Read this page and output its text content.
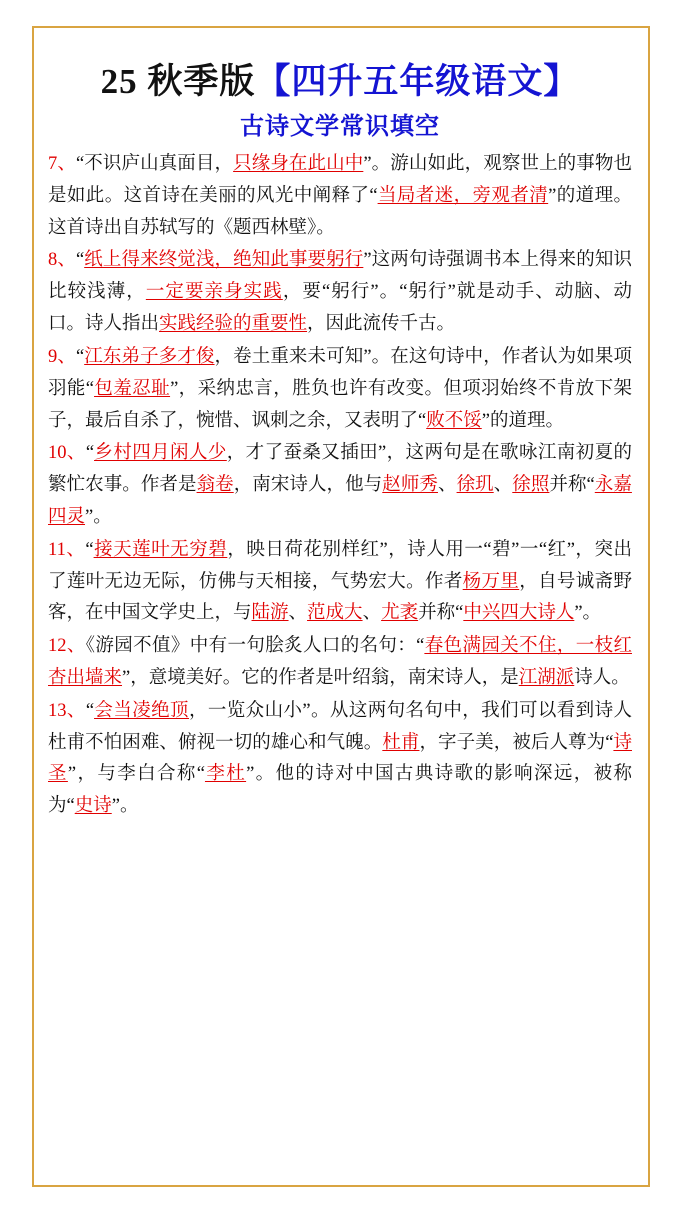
25 秋季版【四升五年级语文】
古诗文学常识填空

7、“不识庐山真面目，只缘身在此山中”。游山如此，观察世上的事物也是如此。这首诗在美丽的风光中阐释了“当局者迷，旁观者清”的道理。这首诗出自苏轼写的《题西林壁》。

8、“纸上得来终觉浅，绝知此事要躬行”这两句诗强调书本上得来的知识比较浅薄，一定要亲身实践，要“躬行”。“躬行”就是动手、动脑、动口。诗人指出实践经验的重要性，因此流传千古。

9、“江东弟子多才俊，卷土重来未可知”。在这句诗中，作者认为如果项羽能“包羞忍耻”，采纳忠言，胜负也许有改变。但项羽始终不肯放下架子，最后自杀了，惋惜、讽刺之余，又表明了“败不馁”的道理。

10、“乡村四月闲人少，才了蚕桑又插田”，这两句是在歌咏江南初夏的繁忙农事。作者是翁卷，南宋诗人，他与赵师秀、徐玑、徐照并称“永嘉四灵”。

11、“接天莲叶无穷碧，映日荷花别样红”，诗人用一“碧”一“红”，突出了莲叶无边无际，仿佛与天相接，气势宏大。作者杨万里，自号诚斋野客，在中国文学史上，与陆游、范成大、尤袤并称“中兴四大诗人”。

12、《游园不值》中有一句脍炙人口的名句：“春色满园关不住，一枝红杏出墙来”，意境美好。它的作者是叶绍翁，南宋诗人，是江湖派诗人。

13、“会当凌绝顶，一览众山小”。从这两句名句中，我们可以看到诗人杜甫不怕困难、俯视一切的雄心和气魄。杜甫，字子美，被后人尊为“诗圣”，与李白合称“李杜”。他的诗对中国古典诗歌的影响深远，被称为“史诗”。
